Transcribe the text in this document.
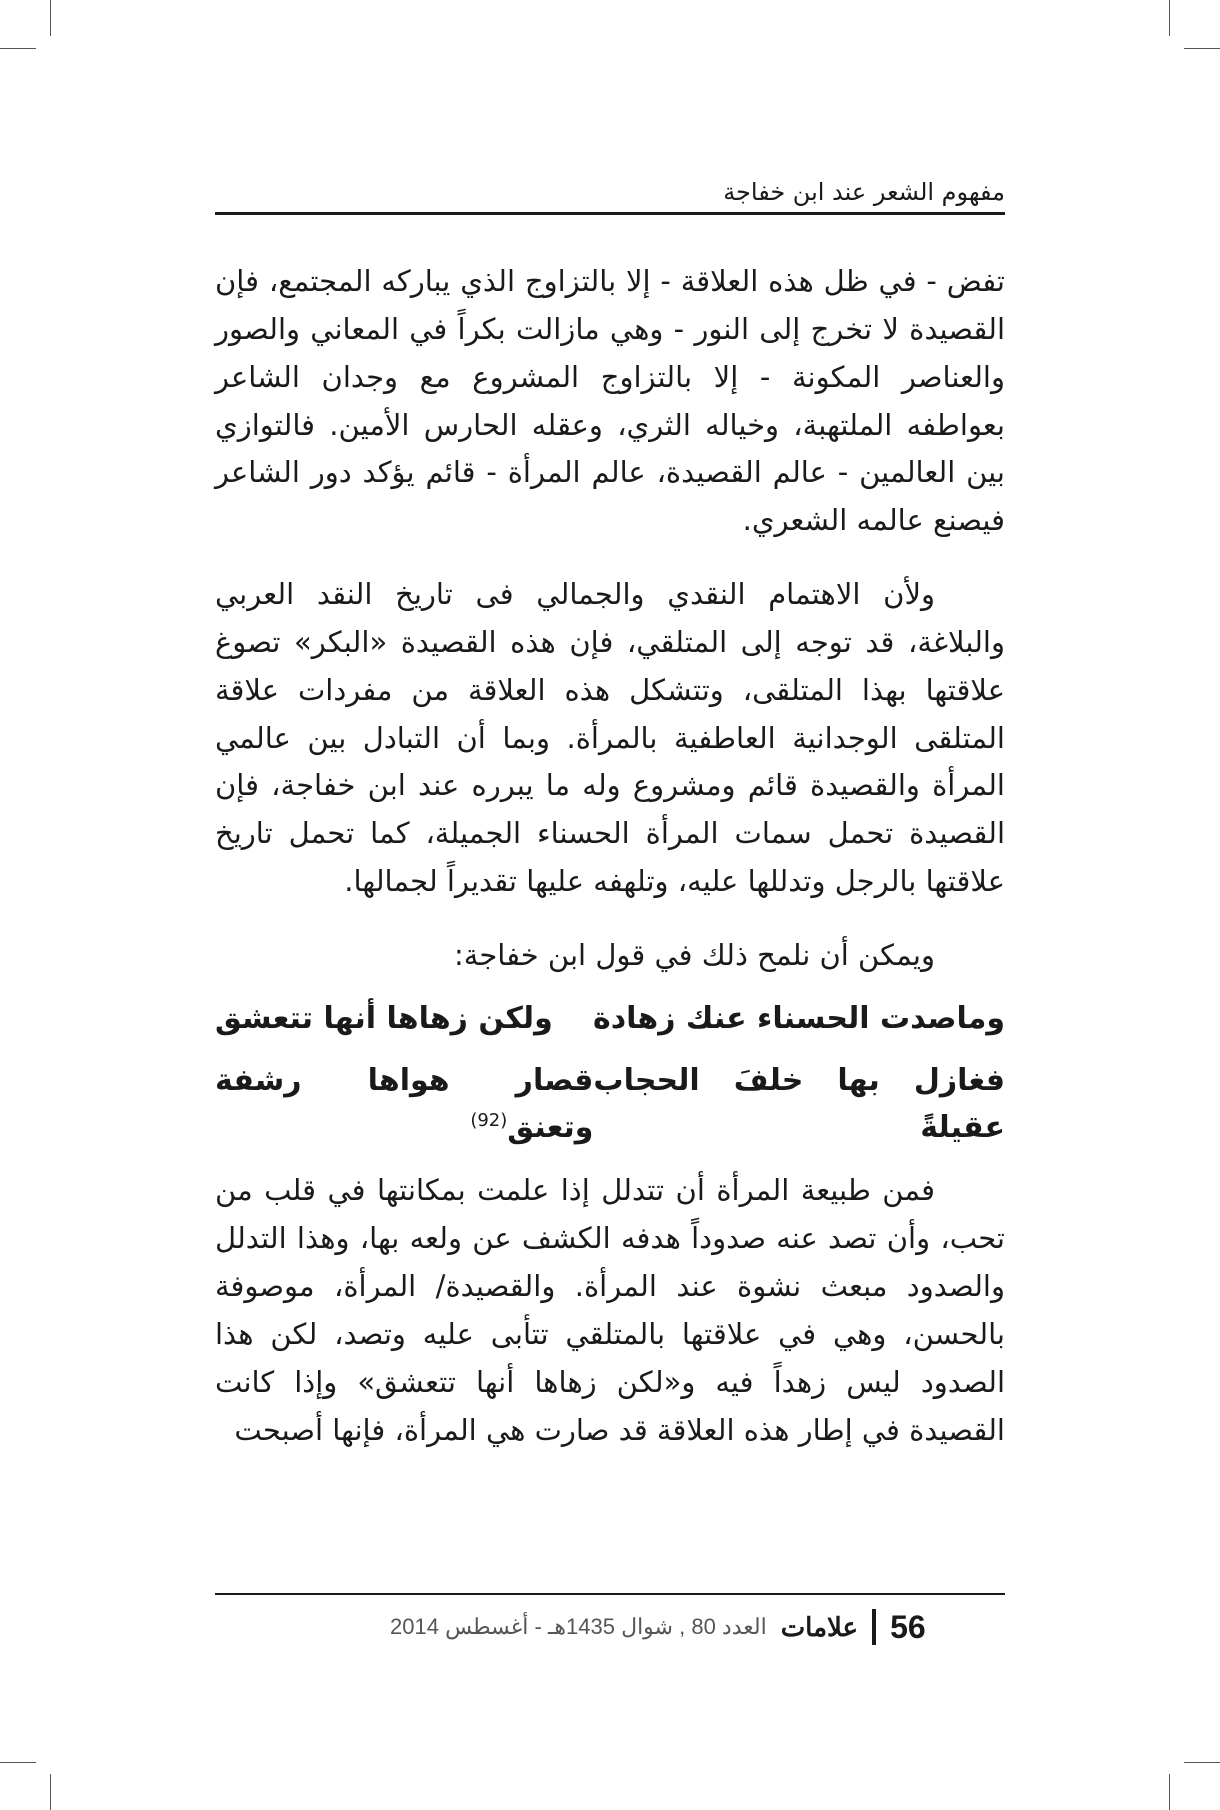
مفهوم الشعر عند ابن خفاجة

تفض - في ظل هذه العلاقة - إلا بالتزاوج الذي يباركه المجتمع، فإن القصيدة لا تخرج إلى النور - وهي مازالت بكراً في المعاني والصور والعناصر المكونة - إلا بالتزاوج المشروع مع وجدان الشاعر بعواطفه الملتهبة، وخياله الثري، وعقله الحارس الأمين. فالتوازي بين العالمين - عالم القصيدة، عالم المرأة - قائم يؤكد دور الشاعر فيصنع عالمه الشعري.

ولأن الاهتمام النقدي والجمالي فى تاريخ النقد العربي والبلاغة، قد توجه إلى المتلقي، فإن هذه القصيدة «البكر» تصوغ علاقتها بهذا المتلقى، وتتشكل هذه العلاقة من مفردات علاقة المتلقى الوجدانية العاطفية بالمرأة. وبما أن التبادل بين عالمي المرأة والقصيدة قائم ومشروع وله ما يبرره عند ابن خفاجة، فإن القصيدة تحمل سمات المرأة الحسناء الجميلة، كما تحمل تاريخ علاقتها بالرجل وتدللها عليه، وتلهفه عليها تقديراً لجمالها.

ويمكن أن نلمح ذلك في قول ابن خفاجة:

وماصدت الحسناء عنك زهادة
ولكن زهاها أنها تتعشق
فغازل بها خلفَ الحجاب عقيلةً
قصار هواها رشفة وتعنق$^{(92)}$

فمن طبيعة المرأة أن تتدلل إذا علمت بمكانتها في قلب من تحب، وأن تصد عنه صدوداً هدفه الكشف عن ولعه بها، وهذا التدلل والصدود مبعث نشوة عند المرأة. والقصيدة/ المرأة، موصوفة بالحسن، وهي في علاقتها بالمتلقي تتأبى عليه وتصد، لكن هذا الصدود ليس زهداً فيه و«لكن زهاها أنها تتعشق» وإذا كانت القصيدة في إطار هذه العلاقة قد صارت هي المرأة، فإنها أصبحت

العدد 80 , شوال 1435هـ - أغسطس 2014 علامات 56
